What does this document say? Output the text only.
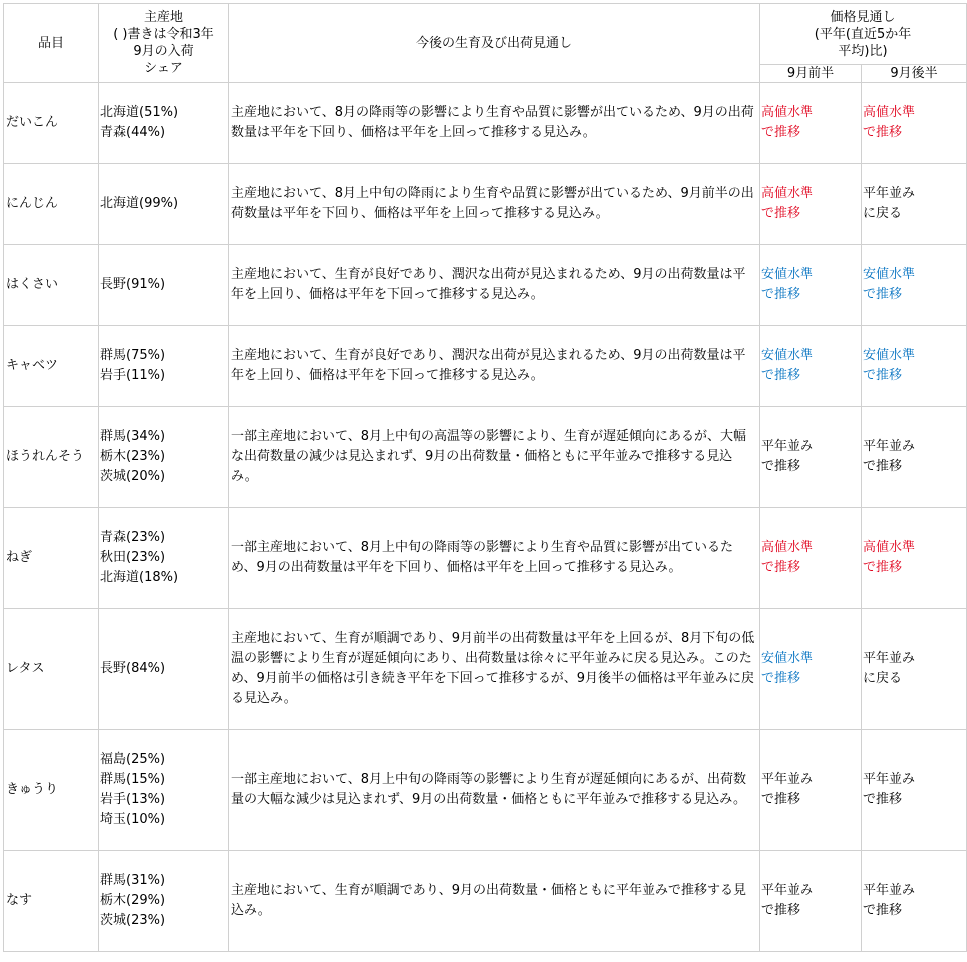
品目	主産地
( )書きは令和3年
9月の入荷
シェア	今後の生育及び出荷見通し	価格見通し
(平年(直近5か年
平均)比)	

			9月前半	9月後半
だいこん	北海道(51%)
青森(44%)	主産地において、8月の降雨等の影響により生育や品質に影響が出ているため、9月の出荷数量は平年を下回り、価格は平年を上回って推移する見込み。	高値水準
で推移	高値水準
で推移

にんじん	北海道(99%)	主産地において、8月上中旬の降雨により生育や品質に影響が出ているため、9月前半の出荷数量は平年を下回り、価格は平年を上回って推移する見込み。	高値水準
で推移	平年並み
に戻る

はくさい	長野(91%)	主産地において、生育が良好であり、潤沢な出荷が見込まれるため、9月の出荷数量は平年を上回り、価格は平年を下回って推移する見込み。	安値水準
で推移	安値水準
で推移

キャベツ	群馬(75%)
岩手(11%)	主産地において、生育が良好であり、潤沢な出荷が見込まれるため、9月の出荷数量は平年を上回り、価格は平年を下回って推移する見込み。	安値水準
で推移	安値水準
で推移

ほうれんそう	群馬(34%)
栃木(23%)
茨城(20%)	一部主産地において、8月上中旬の高温等の影響により、生育が遅延傾向にあるが、大幅な出荷数量の減少は見込まれず、9月の出荷数量・価格ともに平年並みで推移する見込み。	平年並み
で推移	平年並み
で推移

ねぎ	青森(23%)
秋田(23%)
北海道(18%)	一部主産地において、8月上中旬の降雨等の影響により生育や品質に影響が出ているため、9月の出荷数量は平年を下回り、価格は平年を上回って推移する見込み。	高値水準
で推移	高値水準
で推移

レタス	長野(84%)	主産地において、生育が順調であり、9月前半の出荷数量は平年を上回るが、8月下旬の低温の影響により生育が遅延傾向にあり、出荷数量は徐々に平年並みに戻る見込み。このため、9月前半の価格は引き続き平年を下回って推移するが、9月後半の価格は平年並みに戻る見込み。	安値水準
で推移	平年並み
に戻る

きゅうり	福島(25%)
群馬(15%)
岩手(13%)
埼玉(10%)	一部主産地において、8月上中旬の降雨等の影響により生育が遅延傾向にあるが、出荷数量の大幅な減少は見込まれず、9月の出荷数量・価格ともに平年並みで推移する見込み。	平年並み
で推移	平年並み
で推移

なす	群馬(31%)
栃木(29%)
茨城(23%)	主産地において、生育が順調であり、9月の出荷数量・価格ともに平年並みで推移する見込み。	平年並み
で推移	平年並み
で推移
